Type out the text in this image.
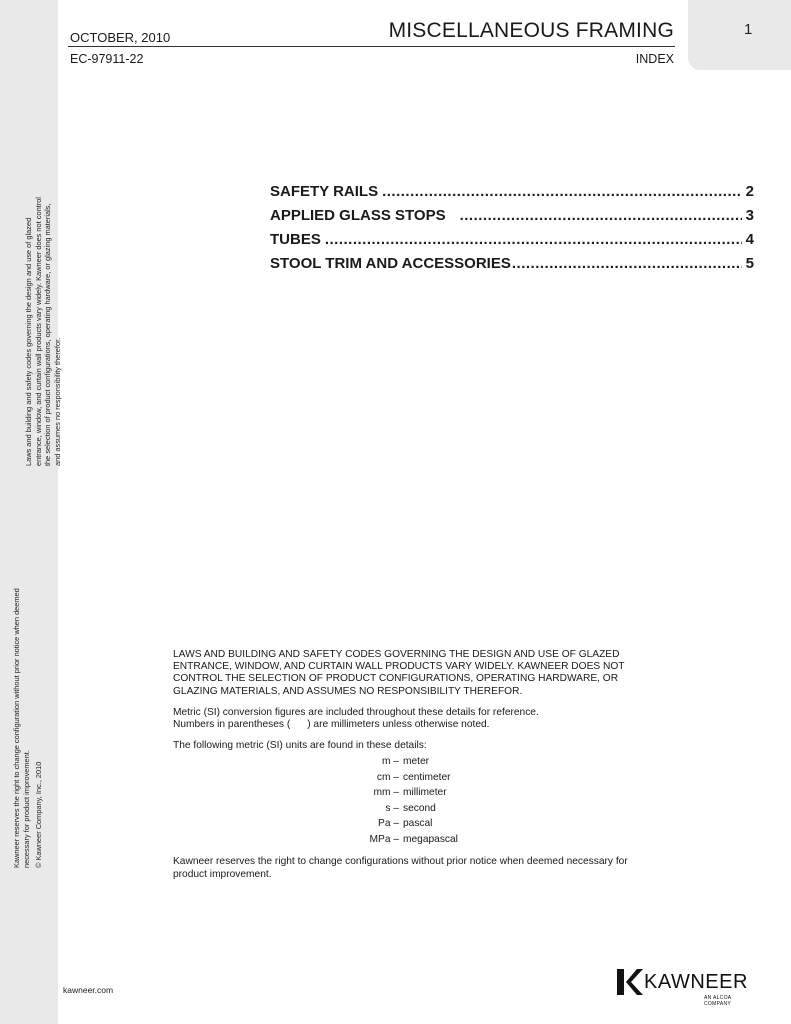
Laws and building and safety codes governing the design and use of glazed entrance, window, and curtain wall products vary widely. Kawneer does not control the selection of product configurations, operating hardware, or glazing materials, and assumes no responsibility therefor.
Kawneer reserves the right to change configuration without prior notice when deemed necessary for product improvement. © Kawneer Company, Inc., 2010
1
OCTOBER, 2010	MISCELLANEOUS FRAMING
EC-97911-22	INDEX
SAFETY RAILS .....	2
APPLIED GLASS STOPS .....	3
TUBES .....	4
STOOL TRIM AND ACCESSORIES .....	5
LAWS AND BUILDING AND SAFETY CODES GOVERNING THE DESIGN AND USE OF GLAZED ENTRANCE, WINDOW, AND CURTAIN WALL PRODUCTS VARY WIDELY. KAWNEER DOES NOT CONTROL THE SELECTION OF PRODUCT CONFIGURATIONS, OPERATING HARDWARE, OR GLAZING MATERIALS, AND ASSUMES NO RESPONSIBILITY THEREFOR.
Metric (SI) conversion figures are included throughout these details for reference.
Numbers in parentheses (      ) are millimeters unless otherwise noted.
The following metric (SI) units are found in these details:
m – meter
cm – centimeter
mm – millimeter
s – second
Pa – pascal
MPa – megapascal
Kawneer reserves the right to change configurations without prior notice when deemed necessary for product improvement.
kawneer.com	KAWNEER
AN ALCOA COMPANY
